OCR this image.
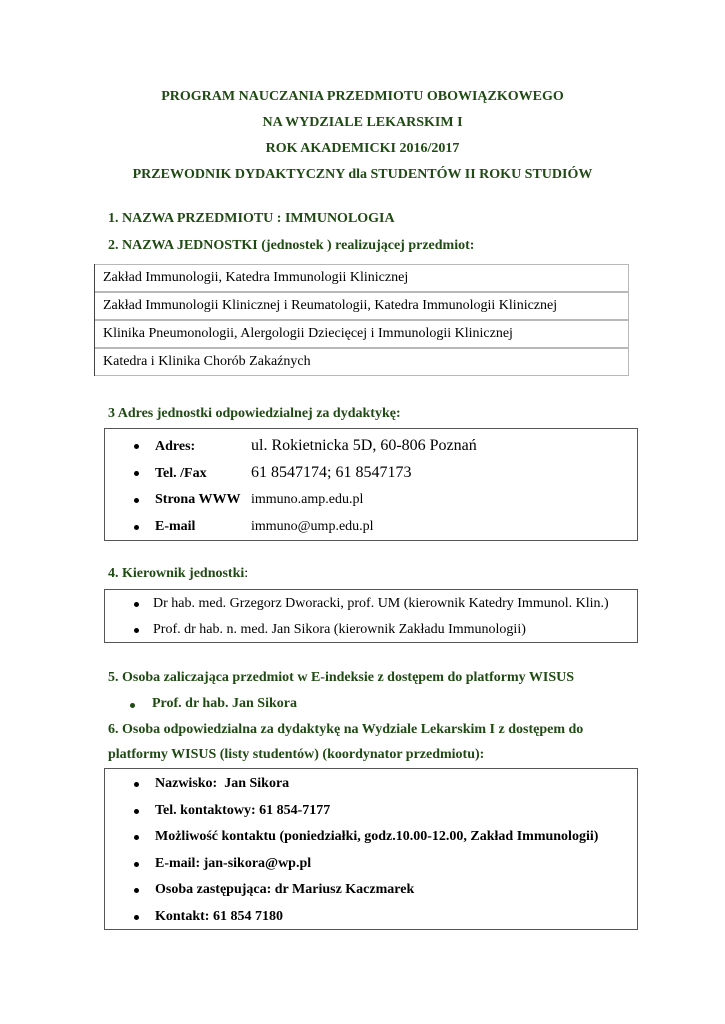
PROGRAM NAUCZANIA PRZEDMIOTU OBOWIĄZKOWEGO
NA WYDZIALE LEKARSKIM I
ROK AKADEMICKI 2016/2017
PRZEWODNIK DYDAKTYCZNY dla STUDENTÓW II ROKU STUDIÓW
1. NAZWA PRZEDMIOTU : IMMUNOLOGIA
2. NAZWA JEDNOSTKI (jednostek ) realizującej przedmiot:
Zakład Immunologii, Katedra Immunologii Klinicznej
Zakład Immunologii Klinicznej i Reumatologii, Katedra Immunologii Klinicznej
Klinika Pneumonologii, Alergologii Dziecięcej i Immunologii Klinicznej
Katedra i Klinika Chorób Zakaźnych
3 Adres jednostki odpowiedzialnej za dydaktykę:
Adres:	ul. Rokietnicka 5D, 60-806 Poznań
Tel. /Fax	61 8547174; 61 8547173
Strona WWW immuno.amp.edu.pl
E-mail	immuno@ump.edu.pl
4. Kierownik jednostki:
Dr hab. med. Grzegorz Dworacki, prof. UM (kierownik Katedry Immunol. Klin.)
Prof. dr hab. n. med. Jan Sikora (kierownik Zakładu Immunologii)
5. Osoba zaliczająca przedmiot w E-indeksie z dostępem do platformy WISUS
Prof. dr hab. Jan Sikora
6. Osoba odpowiedzialna za dydaktykę na Wydziale Lekarskim I z dostępem do
platformy WISUS (listy studentów) (koordynator przedmiotu):
Nazwisko:  Jan Sikora
Tel. kontaktowy: 61 854-7177
Możliwość kontaktu (poniedziałki, godz.10.00-12.00, Zakład Immunologii)
E-mail: jan-sikora@wp.pl
Osoba zastępująca: dr Mariusz Kaczmarek
Kontakt: 61 854 7180
